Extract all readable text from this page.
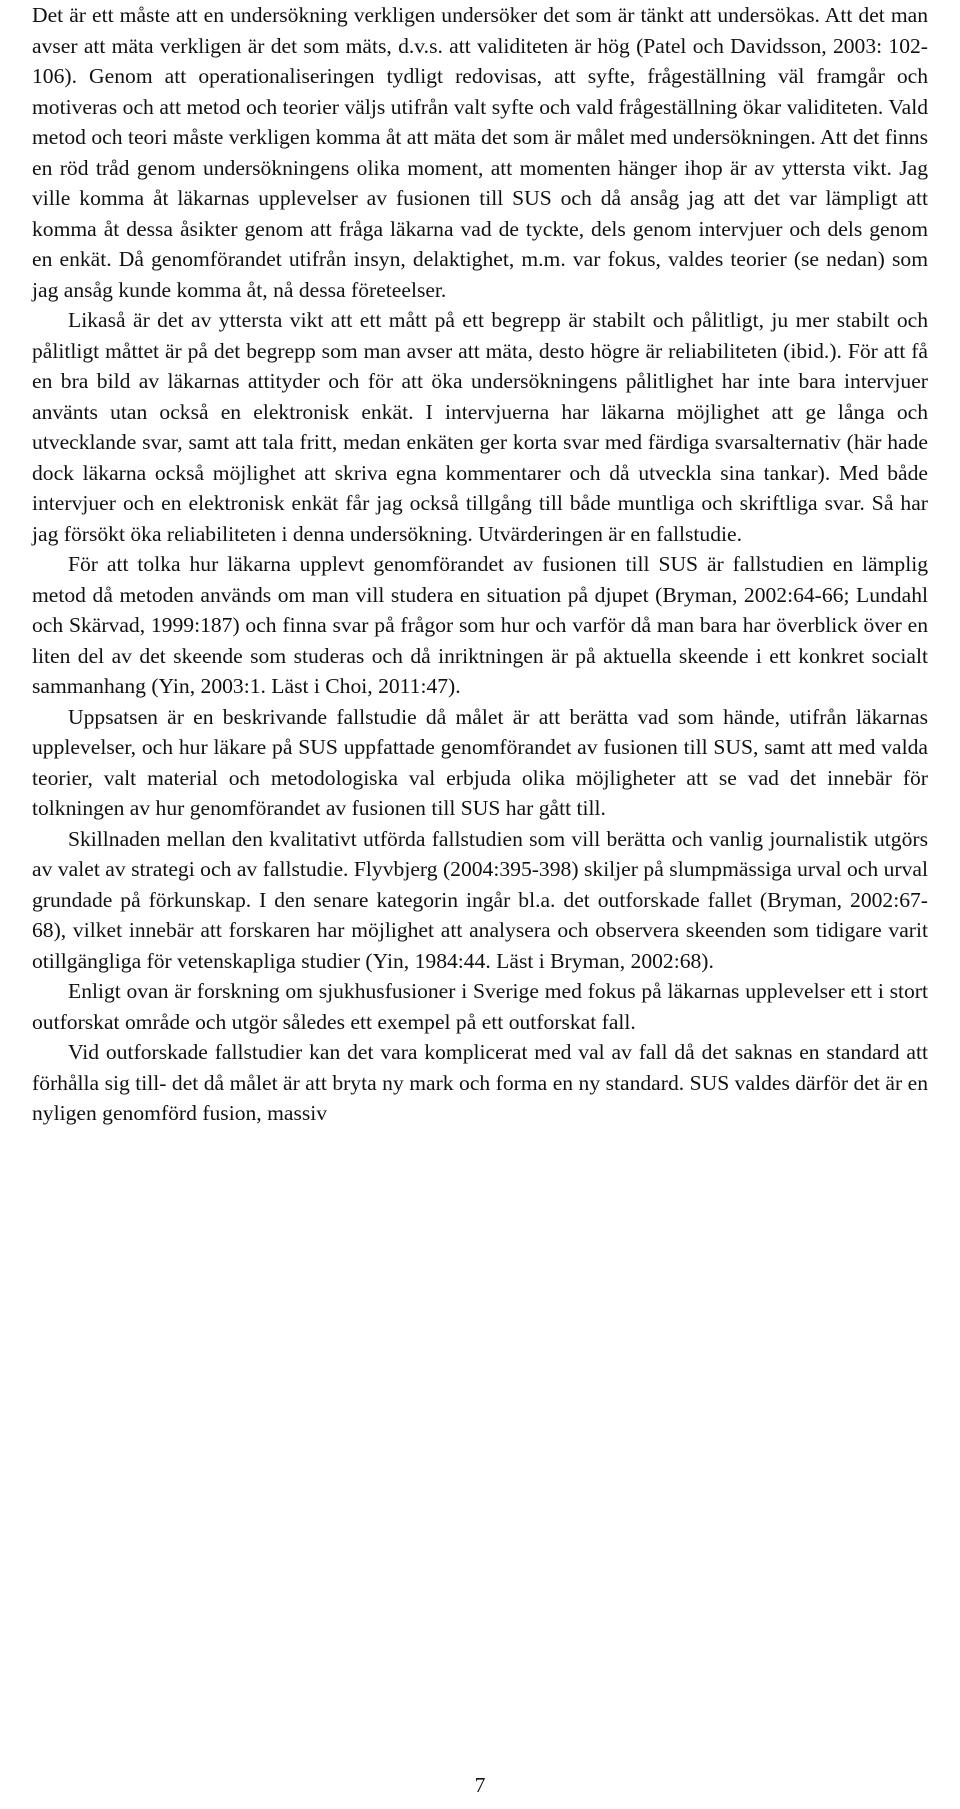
Det är ett måste att en undersökning verkligen undersöker det som är tänkt att undersökas. Att det man avser att mäta verkligen är det som mäts, d.v.s. att validiteten är hög (Patel och Davidsson, 2003: 102-106). Genom att operationaliseringen tydligt redovisas, att syfte, frågeställning väl framgår och motiveras och att metod och teorier väljs utifrån valt syfte och vald frågeställning ökar validiteten. Vald metod och teori måste verkligen komma åt att mäta det som är målet med undersökningen. Att det finns en röd tråd genom undersökningens olika moment, att momenten hänger ihop är av yttersta vikt. Jag ville komma åt läkarnas upplevelser av fusionen till SUS och då ansåg jag att det var lämpligt att komma åt dessa åsikter genom att fråga läkarna vad de tyckte, dels genom intervjuer och dels genom en enkät. Då genomförandet utifrån insyn, delaktighet, m.m. var fokus, valdes teorier (se nedan) som jag ansåg kunde komma åt, nå dessa företeelser.

Likaså är det av yttersta vikt att ett mått på ett begrepp är stabilt och pålitligt, ju mer stabilt och pålitligt måttet är på det begrepp som man avser att mäta, desto högre är reliabiliteten (ibid.). För att få en bra bild av läkarnas attityder och för att öka undersökningens pålitlighet har inte bara intervjuer använts utan också en elektronisk enkät. I intervjuerna har läkarna möjlighet att ge långa och utvecklande svar, samt att tala fritt, medan enkäten ger korta svar med färdiga svarsalternativ (här hade dock läkarna också möjlighet att skriva egna kommentarer och då utveckla sina tankar). Med både intervjuer och en elektronisk enkät får jag också tillgång till både muntliga och skriftliga svar. Så har jag försökt öka reliabiliteten i denna undersökning. Utvärderingen är en fallstudie.

För att tolka hur läkarna upplevt genomförandet av fusionen till SUS är fallstudien en lämplig metod då metoden används om man vill studera en situation på djupet (Bryman, 2002:64-66; Lundahl och Skärvad, 1999:187) och finna svar på frågor som hur och varför då man bara har överblick över en liten del av det skeende som studeras och då inriktningen är på aktuella skeende i ett konkret socialt sammanhang (Yin, 2003:1. Läst i Choi, 2011:47).

Uppsatsen är en beskrivande fallstudie då målet är att berätta vad som hände, utifrån läkarnas upplevelser, och hur läkare på SUS uppfattade genomförandet av fusionen till SUS, samt att med valda teorier, valt material och metodologiska val erbjuda olika möjligheter att se vad det innebär för tolkningen av hur genomförandet av fusionen till SUS har gått till.

Skillnaden mellan den kvalitativt utförda fallstudien som vill berätta och vanlig journalistik utgörs av valet av strategi och av fallstudie. Flyvbjerg (2004:395-398) skiljer på slumpmässiga urval och urval grundade på förkunskap. I den senare kategorin ingår bl.a. det outforskade fallet (Bryman, 2002:67-68), vilket innebär att forskaren har möjlighet att analysera och observera skeenden som tidigare varit otillgängliga för vetenskapliga studier (Yin, 1984:44. Läst i Bryman, 2002:68).

Enligt ovan är forskning om sjukhusfusioner i Sverige med fokus på läkarnas upplevelser ett i stort outforskat område och utgör således ett exempel på ett outforskat fall.

Vid outforskade fallstudier kan det vara komplicerat med val av fall då det saknas en standard att förhålla sig till- det då målet är att bryta ny mark och forma en ny standard. SUS valdes därför det är en nyligen genomförd fusion, massiv

7
